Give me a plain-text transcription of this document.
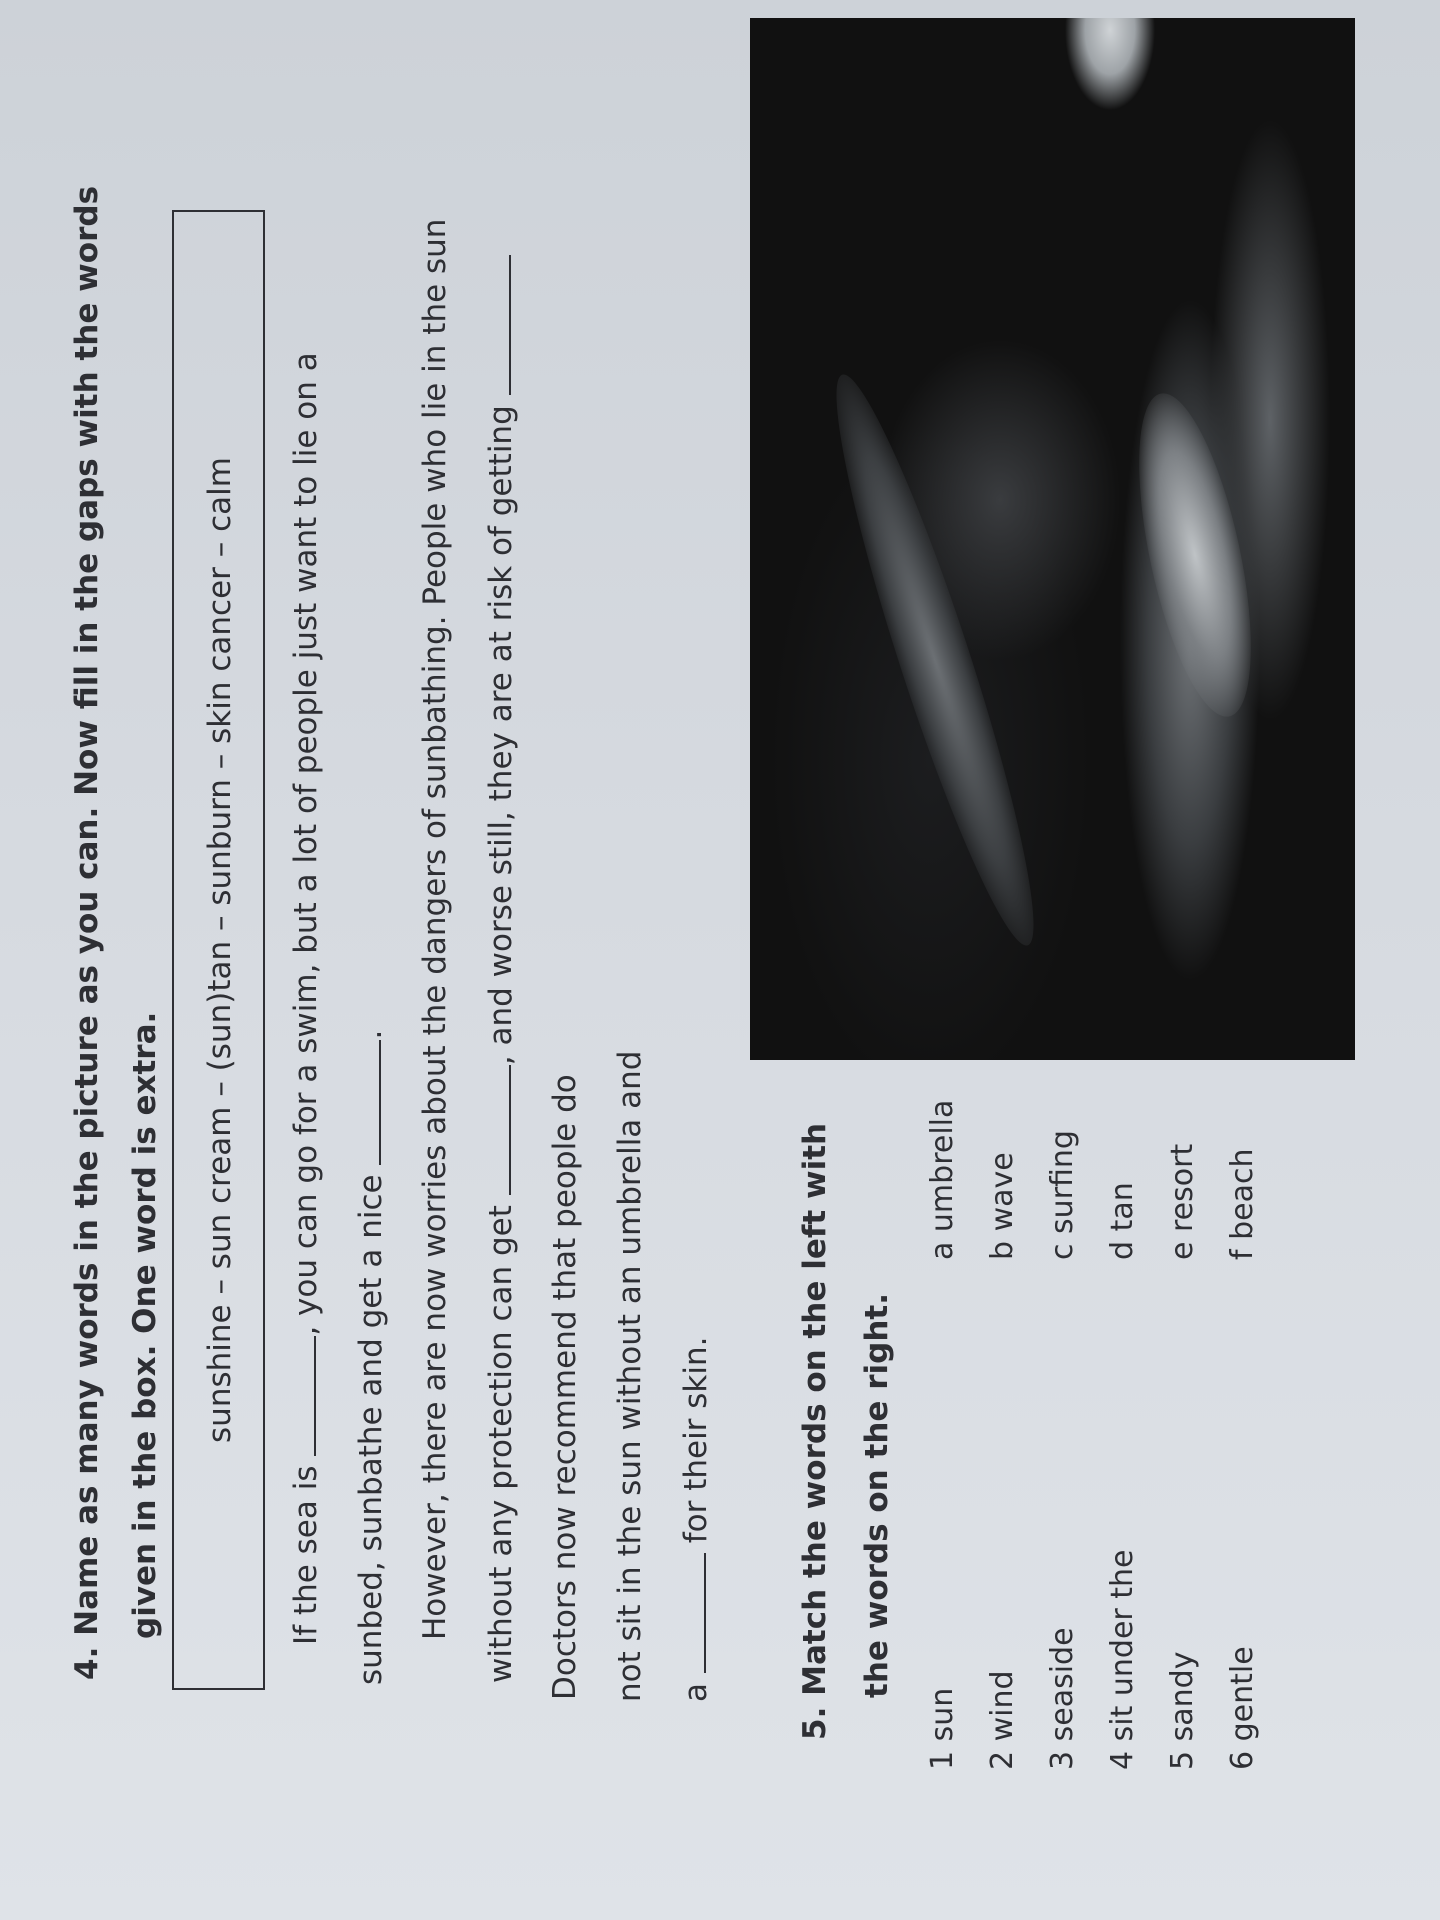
4. Name as many words in the picture as you can. Now fill in the gaps with the words given in the box. One word is extra. sunshine – sun cream – (sun)tan – sunburn – skin cancer – calm
If the sea is , you can go for a swim, but a lot of people just want to lie on a
sunbed, sunbathe and get a nice . However, there are now worries about the dangers of sunbathing. People who lie in the sun without any protection can get , and worse still, they are at risk of getting
Doctors now recommend that people do not sit in the sun without an umbrella and a  for their skin.	5. Match the words on the left with the words on the right.
1 sun 2 wind 3 seaside 4 sit under the 5 sandy 6 gentle
a umbrella b wave c surfing d tan e resort f beach
